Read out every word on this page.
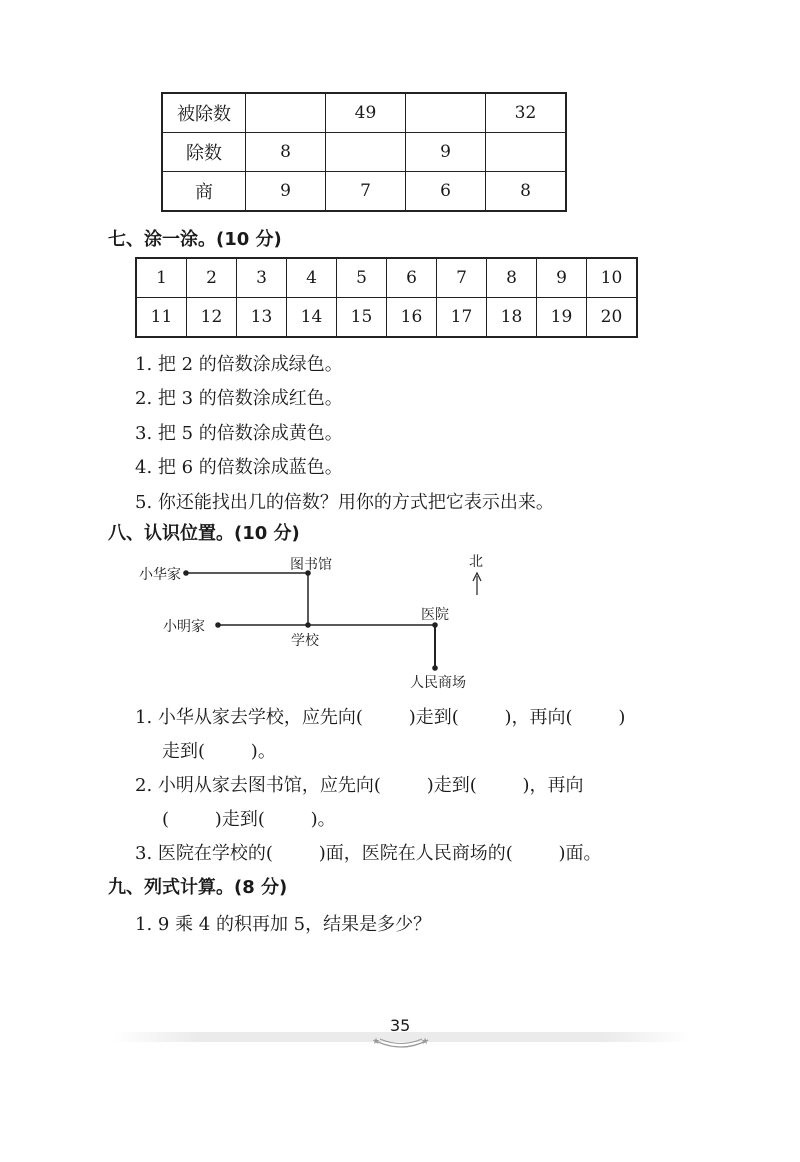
被除数		49		32
除数	8		9	
商	9	7	6	8
七、涂一涂。(10 分)
1	2	3	4	5	6	7	8	9	10
11	12	13	14	15	16	17	18	19	20
1. 把 2 的倍数涂成绿色。
2. 把 3 的倍数涂成红色。
3. 把 5 的倍数涂成黄色。
4. 把 6 的倍数涂成蓝色。
5. 你还能找出几的倍数？用你的方式把它表示出来。
八、认识位置。(10 分)
小华家
图书馆	北
小明家
学校
医院
人民商场
1. 小华从家去学校，应先向(        )走到(        )，再向(        )
走到(        )。
2. 小明从家去图书馆，应先向(        )走到(        )，再向
(        )走到(        )。
3. 医院在学校的(        )面，医院在人民商场的(        )面。
九、列式计算。(8 分)
1. 9 乘 4 的积再加 5，结果是多少？
35
★	★
